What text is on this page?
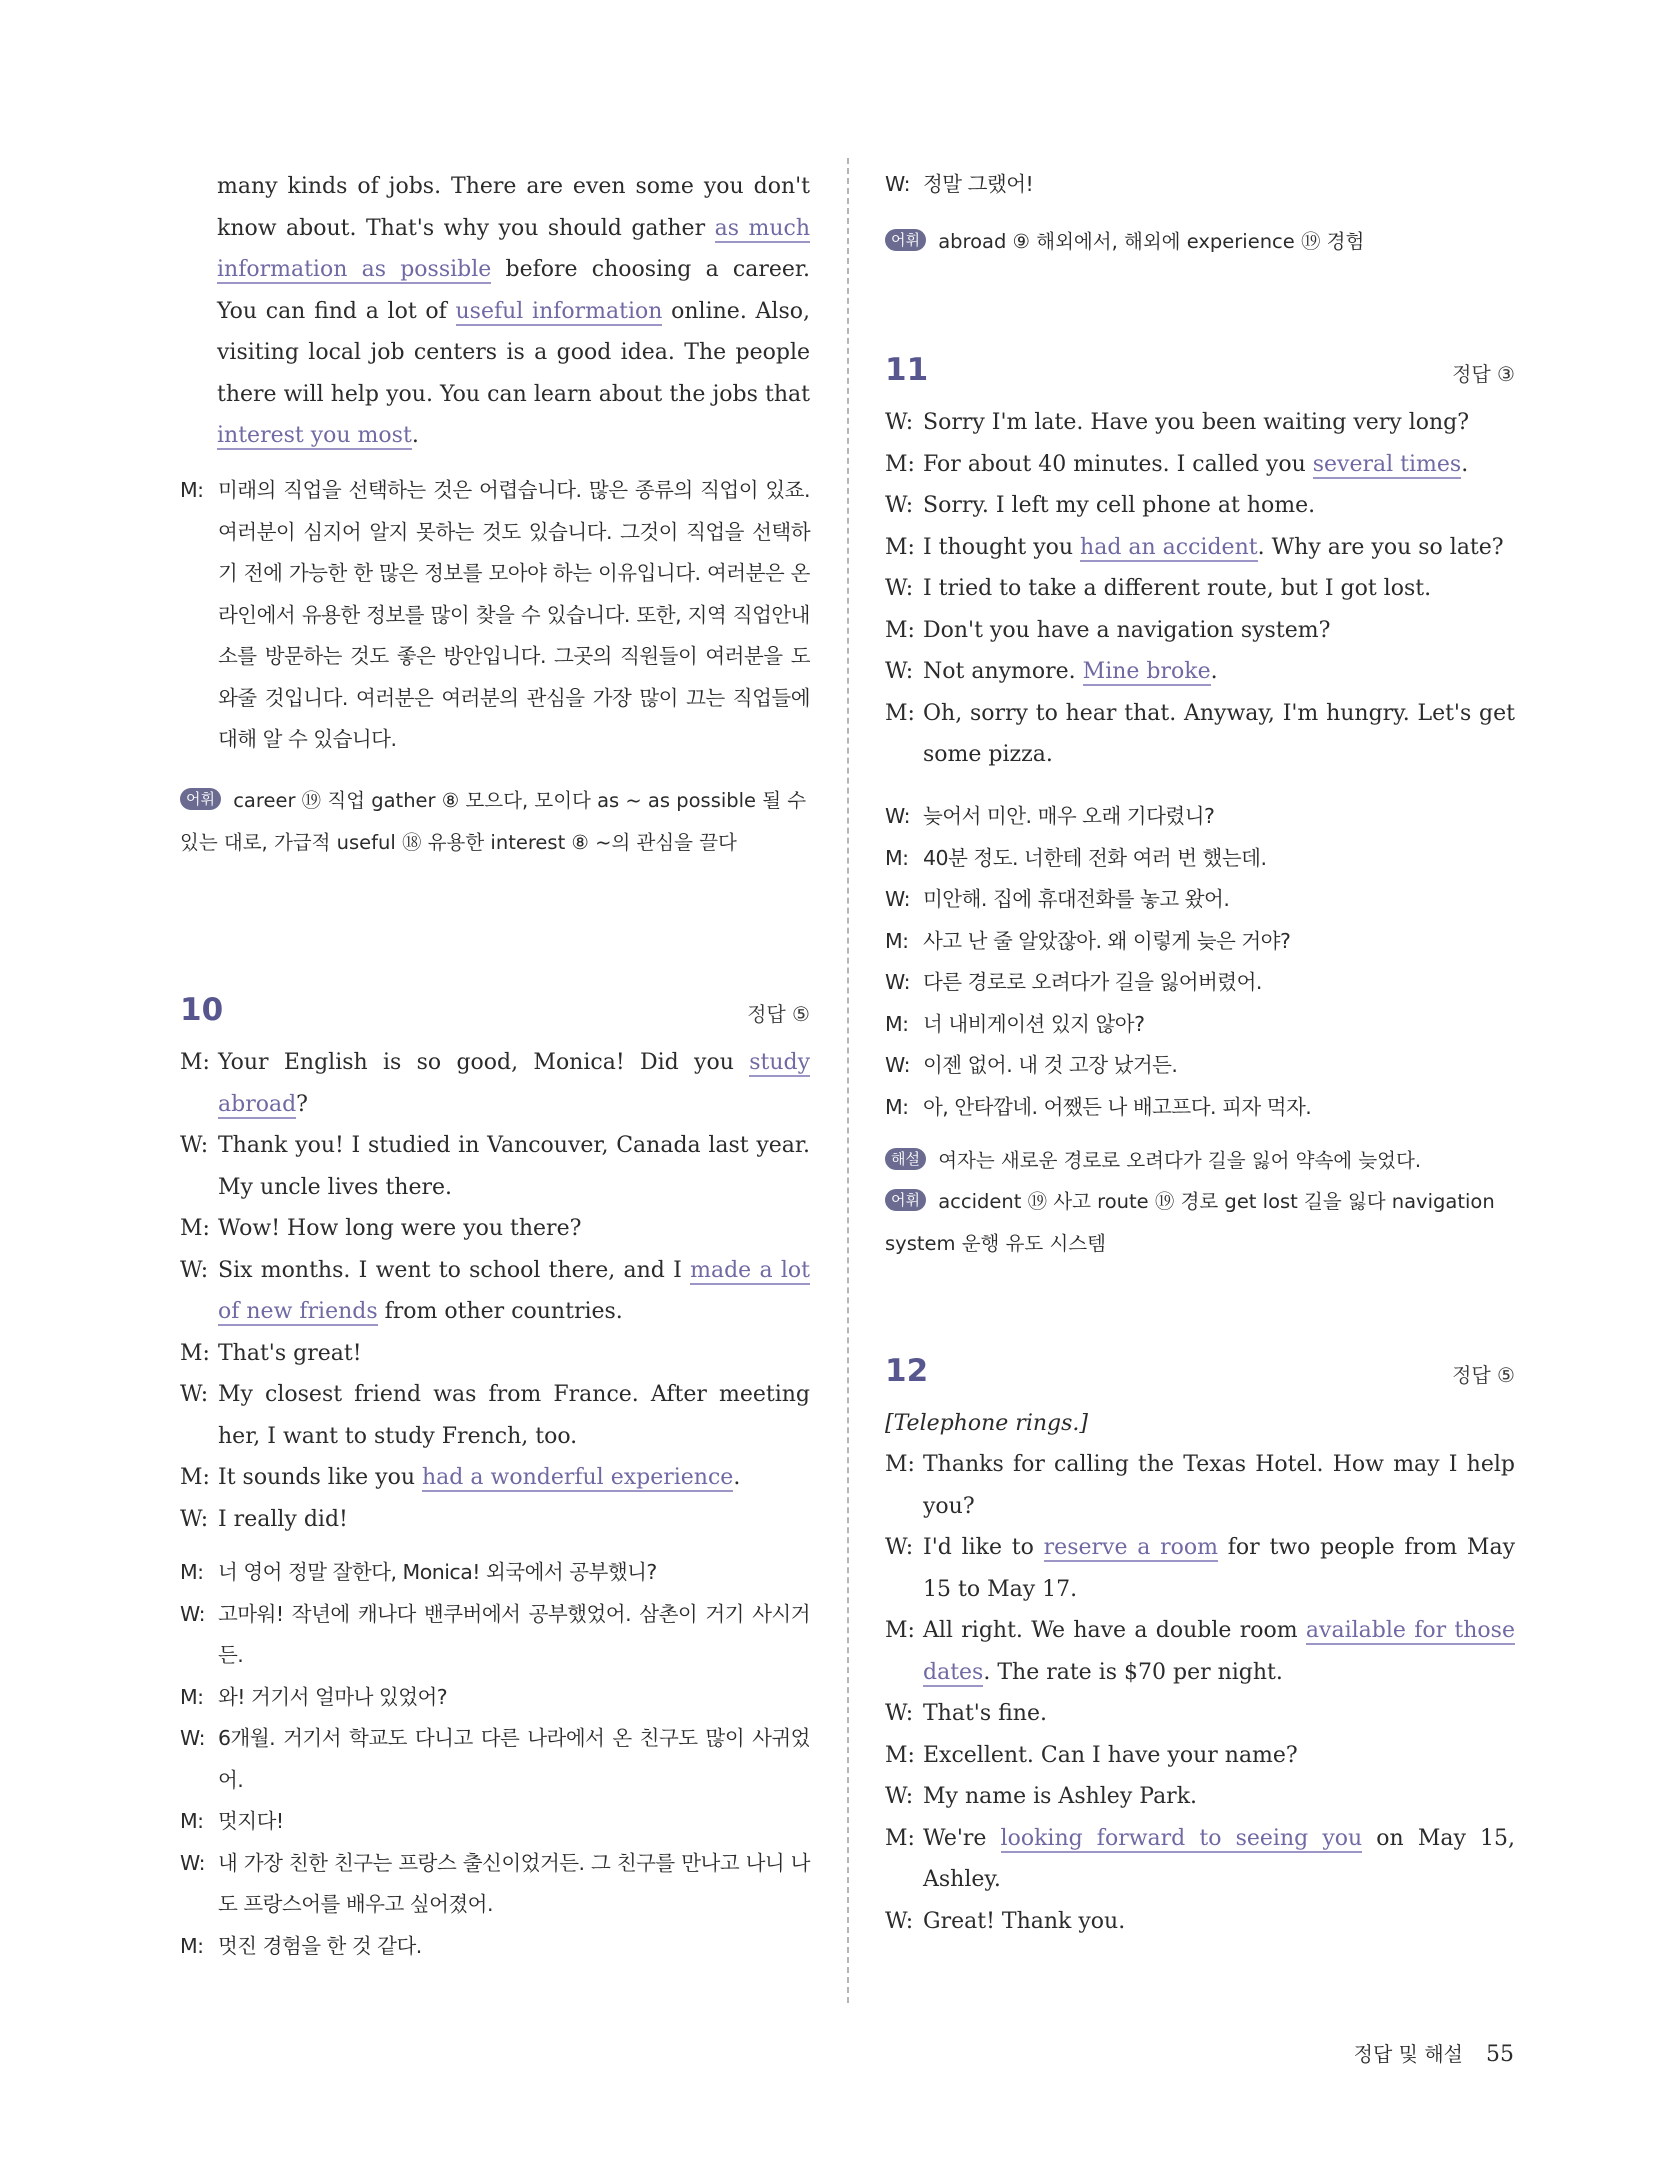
many kinds of jobs. There are even some you don't know about. That's why you should gather as much information as possible before choosing a career. You can find a lot of useful information online. Also, visiting local job centers is a good idea. The people there will help you. You can learn about the jobs that interest you most.
M: 미래의 직업을 선택하는 것은 어렵습니다. 많은 종류의 직업이 있죠. 여러분이 심지어 알지 못하는 것도 있습니다. 그것이 직업을 선택하기 전에 가능한 한 많은 정보를 모아야 하는 이유입니다. 여러분은 온라인에서 유용한 정보를 많이 찾을 수 있습니다. 또한, 지역 직업안내소를 방문하는 것도 좋은 방안입니다. 그곳의 직원들이 여러분을 도와줄 것입니다. 여러분은 여러분의 관심을 가장 많이 끄는 직업들에 대해 알 수 있습니다.
어휘 career ⑲ 직업 gather ⑧ 모으다, 모이다 as ~ as possible 될 수 있는 대로, 가급적 useful ⑱ 유용한 interest ⑧ ~의 관심을 끌다
10	정답 ⑤
M: Your English is so good, Monica! Did you study abroad?
W: Thank you! I studied in Vancouver, Canada last year. My uncle lives there.
M: Wow! How long were you there?
W: Six months. I went to school there, and I made a lot of new friends from other countries.
M: That's great!
W: My closest friend was from France. After meeting her, I want to study French, too.
M: It sounds like you had a wonderful experience.
W: I really did!
M: 너 영어 정말 잘한다, Monica! 외국에서 공부했니?
W: 고마워! 작년에 캐나다 밴쿠버에서 공부했었어. 삼촌이 거기 사시거든.
M: 와! 거기서 얼마나 있었어?
W: 6개월. 거기서 학교도 다니고 다른 나라에서 온 친구도 많이 사귀었어.
M: 멋지다!
W: 내 가장 친한 친구는 프랑스 출신이었거든. 그 친구를 만나고 나니 나도 프랑스어를 배우고 싶어졌어.
M: 멋진 경험을 한 것 같다.
W: 정말 그랬어!
어휘 abroad ⑨ 해외에서, 해외에 experience ⑲ 경험
11	정답 ③
W: Sorry I'm late. Have you been waiting very long?
M: For about 40 minutes. I called you several times.
W: Sorry. I left my cell phone at home.
M: I thought you had an accident. Why are you so late?
W: I tried to take a different route, but I got lost.
M: Don't you have a navigation system?
W: Not anymore. Mine broke.
M: Oh, sorry to hear that. Anyway, I'm hungry. Let's get some pizza.
W: 늦어서 미안. 매우 오래 기다렸니?
M: 40분 정도. 너한테 전화 여러 번 했는데.
W: 미안해. 집에 휴대전화를 놓고 왔어.
M: 사고 난 줄 알았잖아. 왜 이렇게 늦은 거야?
W: 다른 경로로 오려다가 길을 잃어버렸어.
M: 너 내비게이션 있지 않아?
W: 이젠 없어. 내 것 고장 났거든.
M: 아, 안타깝네. 어쨌든 나 배고프다. 피자 먹자.
해설 여자는 새로운 경로로 오려다가 길을 잃어 약속에 늦었다.
어휘 accident ⑲ 사고 route ⑲ 경로 get lost 길을 잃다 navigation system 운행 유도 시스템
12	정답 ⑤
[Telephone rings.]
M: Thanks for calling the Texas Hotel. How may I help you?
W: I'd like to reserve a room for two people from May 15 to May 17.
M: All right. We have a double room available for those dates. The rate is $70 per night.
W: That's fine.
M: Excellent. Can I have your name?
W: My name is Ashley Park.
M: We're looking forward to seeing you on May 15, Ashley.
W: Great! Thank you.
정답 및 해설 55
